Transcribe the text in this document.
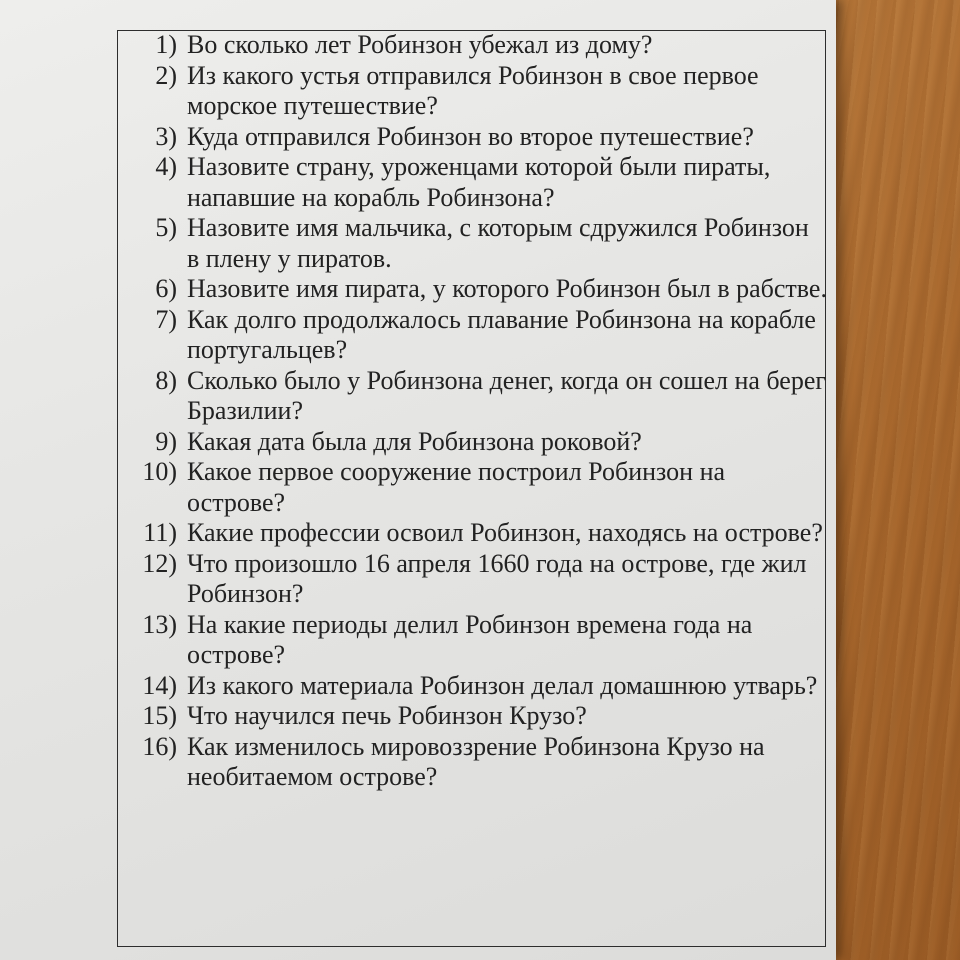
1) Во сколько лет Робинзон убежал из дому?
2) Из какого устья отправился Робинзон в свое первое морское путешествие?
3) Куда отправился Робинзон во второе путешествие?
4) Назовите страну, уроженцами которой были пираты, напавшие на корабль Робинзона?
5) Назовите имя мальчика, с которым сдружился Робинзон в плену у пиратов.
6) Назовите имя пирата, у которого Робинзон был в рабстве.
7) Как долго продолжалось плавание Робинзона на корабле португальцев?
8) Сколько было у Робинзона денег, когда он сошел на берег Бразилии?
9) Какая дата была для Робинзона роковой?
10) Какое первое сооружение построил Робинзон на острове?
11) Какие профессии освоил Робинзон, находясь на острове?
12) Что произошло 16 апреля 1660 года на острове, где жил Робинзон?
13) На какие периоды делил Робинзон времена года на острове?
14) Из какого материала Робинзон делал домашнюю утварь?
15) Что научился печь Робинзон Крузо?
16) Как изменилось мировоззрение Робинзона Крузо на необитаемом острове?
